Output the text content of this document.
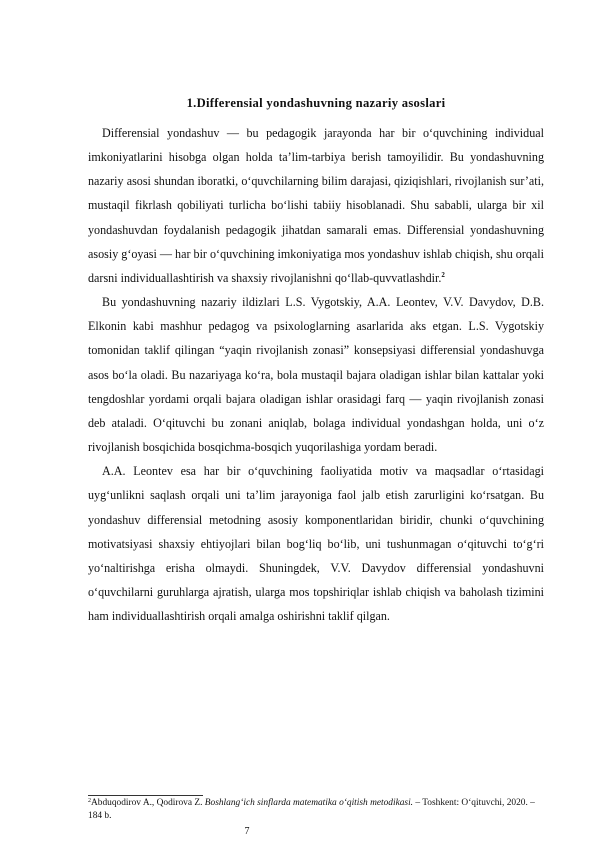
1.Differensial yondashuvning nazariy asoslari

Differensial yondashuv — bu pedagogik jarayonda har bir o‘quvchining individual imkoniyatlarini hisobga olgan holda ta’lim-tarbiya berish tamoyilidir. Bu yondashuvning nazariy asosi shundan iboratki, o‘quvchilarning bilim darajasi, qiziqishlari, rivojlanish sur’ati, mustaqil fikrlash qobiliyati turlicha bo‘lishi tabiiy hisoblanadi. Shu sababli, ularga bir xil yondashuvdan foydalanish pedagogik jihatdan samarali emas. Differensial yondashuvning asosiy g‘oyasi — har bir o‘quvchining imkoniyatiga mos yondashuv ishlab chiqish, shu orqali darsni individuallashtirish va shaxsiy rivojlanishni qo‘llab-quvvatlashdir.$^2$

Bu yondashuvning nazariy ildizlari L.S. Vygotskiy, A.A. Leontev, V.V. Davydov, D.B. Elkonin kabi mashhur pedagog va psixologlarning asarlarida aks etgan. L.S. Vygotskiy tomonidan taklif qilingan “yaqin rivojlanish zonasi” konsepsiyasi differensial yondashuvga asos bo‘la oladi. Bu nazariyaga ko‘ra, bola mustaqil bajara oladigan ishlar bilan kattalar yoki tengdoshlar yordami orqali bajara oladigan ishlar orasidagi farq — yaqin rivojlanish zonasi deb ataladi. O‘qituvchi bu zonani aniqlab, bolaga individual yondashgan holda, uni o‘z rivojlanish bosqichida bosqichma-bosqich yuqorilashiga yordam beradi.

A.A. Leontev esa har bir o‘quvchining faoliyatida motiv va maqsadlar o‘rtasidagi uyg‘unlikni saqlash orqali uni ta’lim jarayoniga faol jalb etish zarurligini ko‘rsatgan. Bu yondashuv differensial metodning asosiy komponentlaridan biridir, chunki o‘quvchining motivatsiyasi shaxsiy ehtiyojlari bilan bog‘liq bo‘lib, uni tushunmagan o‘qituvchi to‘g‘ri yo‘naltirishga erisha olmaydi. Shuningdek, V.V. Davydov differensial yondashuvni o‘quvchilarni guruhlarga ajratish, ularga mos topshiriqlar ishlab chiqish va baholash tizimini ham individuallashtirish orqali amalga oshirishni taklif qilgan.

$^2$Abduqodirov A., Qodirova Z. Boshlang‘ich sinflarda matematika o‘qitish metodikasi. – Toshkent: O‘qituvchi, 2020. – 184 b.

7
